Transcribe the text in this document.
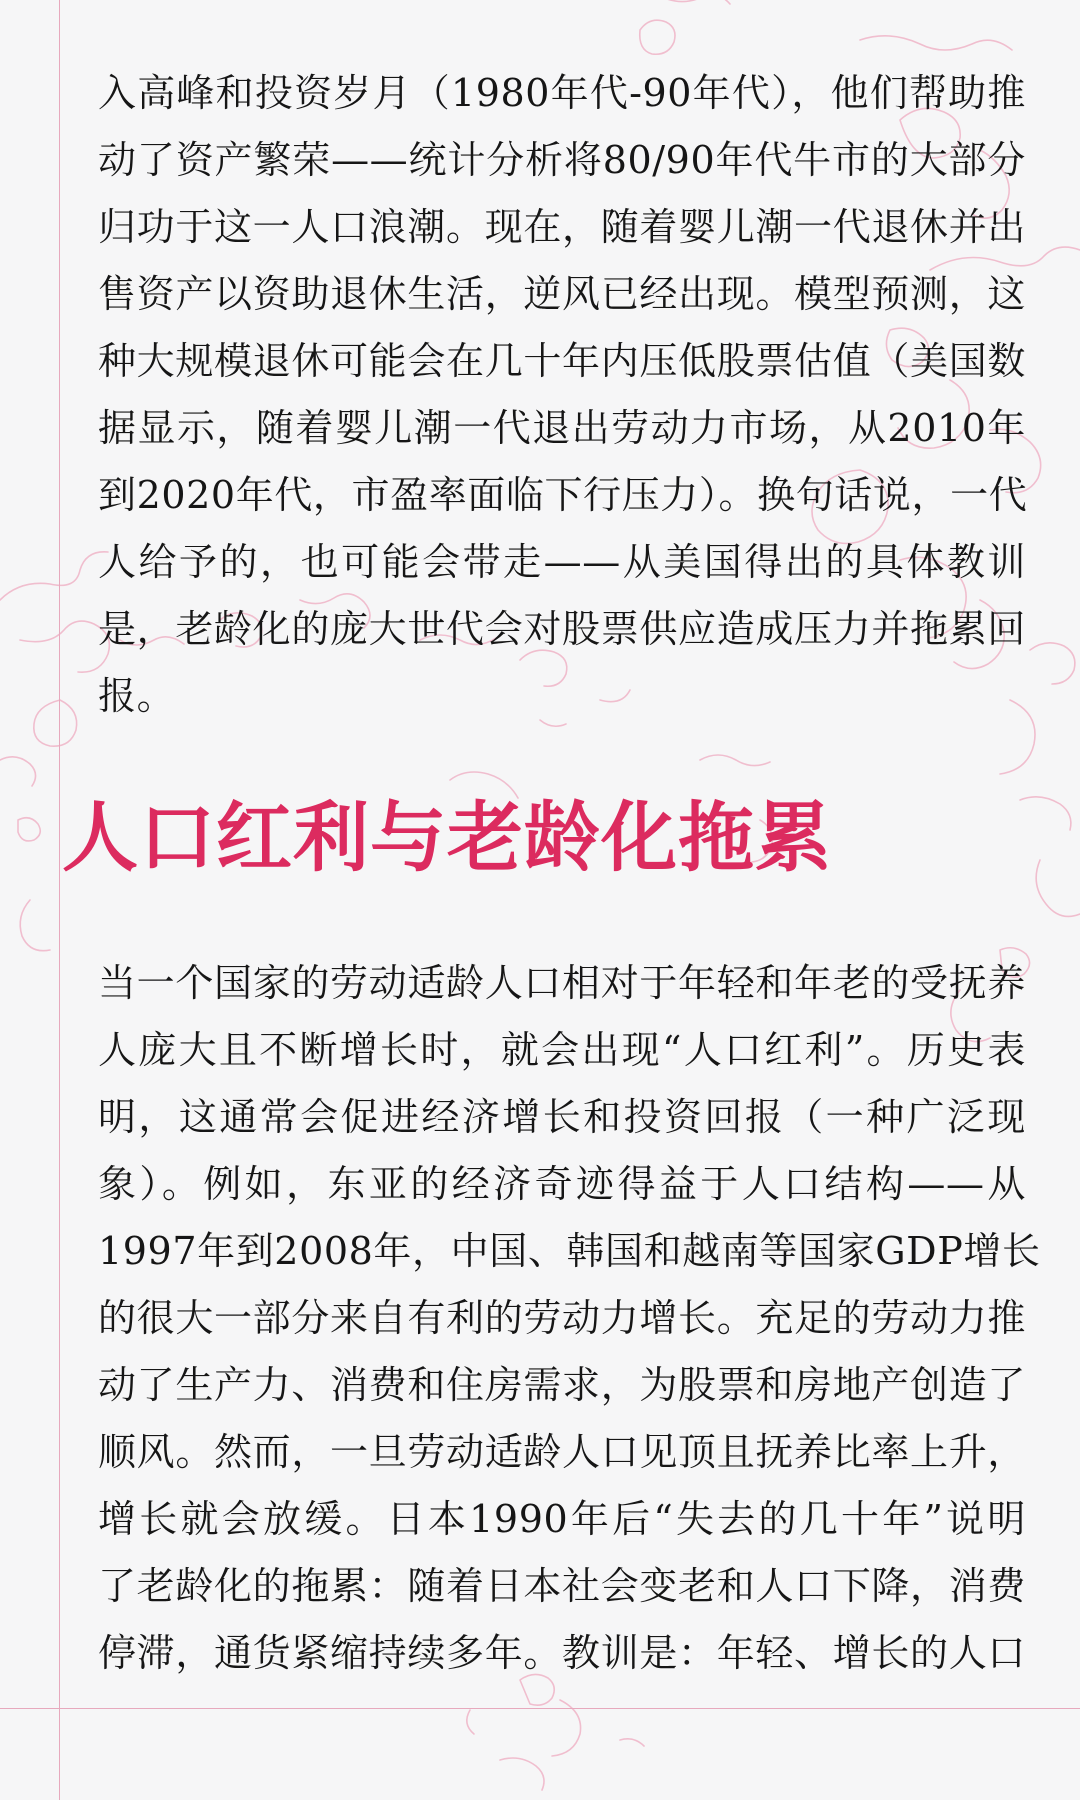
入高峰和投资岁月（1980年代-90年代），他们帮助推
动了资产繁荣——统计分析将80/90年代牛市的大部分
归功于这一人口浪潮。现在，随着婴儿潮一代退休并出
售资产以资助退休生活，逆风已经出现。模型预测，这
种大规模退休可能会在几十年内压低股票估值（美国数
据显示，随着婴儿潮一代退出劳动力市场，从2010年
到2020年代，市盈率面临下行压力）。换句话说，一代
人给予的，也可能会带走——从美国得出的具体教训
是，老龄化的庞大世代会对股票供应造成压力并拖累回
报。
人口红利与老龄化拖累
当一个国家的劳动适龄人口相对于年轻和年老的受抚养
人庞大且不断增长时，就会出现“人口红利”。历史表
明，这通常会促进经济增长和投资回报（一种广泛现
象）。例如，东亚的经济奇迹得益于人口结构——从
1997年到2008年，中国、韩国和越南等国家GDP增长
的很大一部分来自有利的劳动力增长。充足的劳动力推
动了生产力、消费和住房需求，为股票和房地产创造了
顺风。然而，一旦劳动适龄人口见顶且抚养比率上升，
增长就会放缓。日本1990年后“失去的几十年”说明
了老龄化的拖累：随着日本社会变老和人口下降，消费
停滞，通货紧缩持续多年。教训是：年轻、增长的人口
